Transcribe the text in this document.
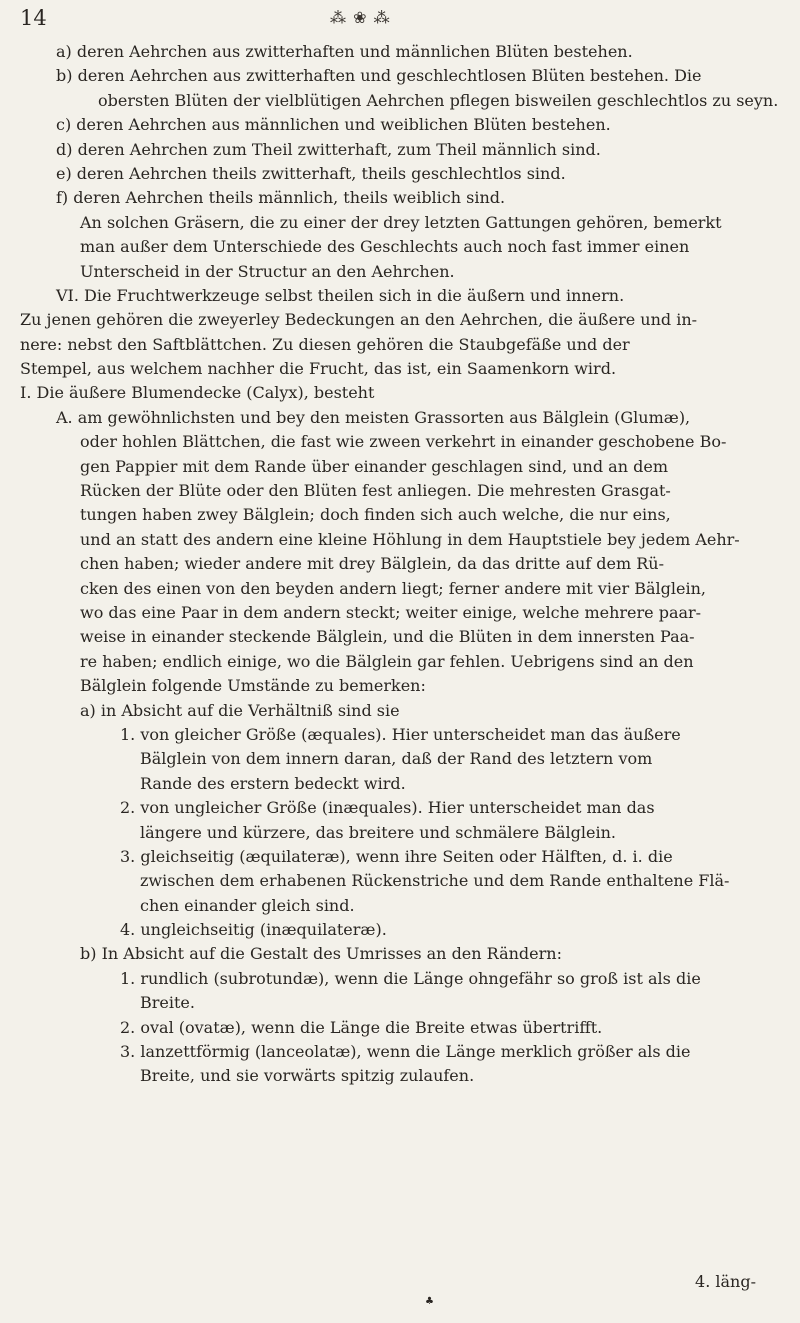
14	⁂ ❀ ⁂
a) deren Aehrchen aus zwitterhaften und männlichen Blüten bestehen.
b) deren Aehrchen aus zwitterhaften und geschlechtlosen Blüten bestehen. Die
obersten Blüten der vielblütigen Aehrchen pflegen bisweilen geschlechtlos zu seyn.
c) deren Aehrchen aus männlichen und weiblichen Blüten bestehen.
d) deren Aehrchen zum Theil zwitterhaft, zum Theil männlich sind.
e) deren Aehrchen theils zwitterhaft, theils geschlechtlos sind.
f) deren Aehrchen theils männlich, theils weiblich sind.
An solchen Gräsern, die zu einer der drey letzten Gattungen gehören, bemerkt
man außer dem Unterschiede des Geschlechts auch noch fast immer einen
Unterscheid in der Structur an den Aehrchen.
VI. Die Fruchtwerkzeuge selbst theilen sich in die äußern und innern.
Zu jenen gehören die zweyerley Bedeckungen an den Aehrchen, die äußere und in-
nere: nebst den Saftblättchen. Zu diesen gehören die Staubgefäße und der
Stempel, aus welchem nachher die Frucht, das ist, ein Saamenkorn wird.
I. Die äußere Blumendecke (Calyx), besteht
A. am gewöhnlichsten und bey den meisten Grassorten aus Bälglein (Glumæ),
oder hohlen Blättchen, die fast wie zween verkehrt in einander geschobene Bo-
gen Pappier mit dem Rande über einander geschlagen sind, und an dem
Rücken der Blüte oder den Blüten fest anliegen. Die mehresten Grasgat-
tungen haben zwey Bälglein; doch finden sich auch welche, die nur eins,
und an statt des andern eine kleine Höhlung in dem Hauptstiele bey jedem Aehr-
chen haben; wieder andere mit drey Bälglein, da das dritte auf dem Rü-
cken des einen von den beyden andern liegt; ferner andere mit vier Bälglein,
wo das eine Paar in dem andern steckt; weiter einige, welche mehrere paar-
weise in einander steckende Bälglein, und die Blüten in dem innersten Paa-
re haben; endlich einige, wo die Bälglein gar fehlen. Uebrigens sind an den
Bälglein folgende Umstände zu bemerken:
a) in Absicht auf die Verhältniß sind sie
1. von gleicher Größe (æquales). Hier unterscheidet man das äußere
Bälglein von dem innern daran, daß der Rand des letztern vom
Rande des erstern bedeckt wird.
2. von ungleicher Größe (inæquales). Hier unterscheidet man das
längere und kürzere, das breitere und schmälere Bälglein.
3. gleichseitig (æquilateræ), wenn ihre Seiten oder Hälften, d. i. die
zwischen dem erhabenen Rückenstriche und dem Rande enthaltene Flä-
chen einander gleich sind.
4. ungleichseitig (inæquilateræ).
b) In Absicht auf die Gestalt des Umrisses an den Rändern:
1. rundlich (subrotundæ), wenn die Länge ohngefähr so groß ist als die
Breite.
2. oval (ovatæ), wenn die Länge die Breite etwas übertrifft.
3. lanzettförmig (lanceolatæ), wenn die Länge merklich größer als die
Breite, und sie vorwärts spitzig zulaufen.
4. läng-
♣
